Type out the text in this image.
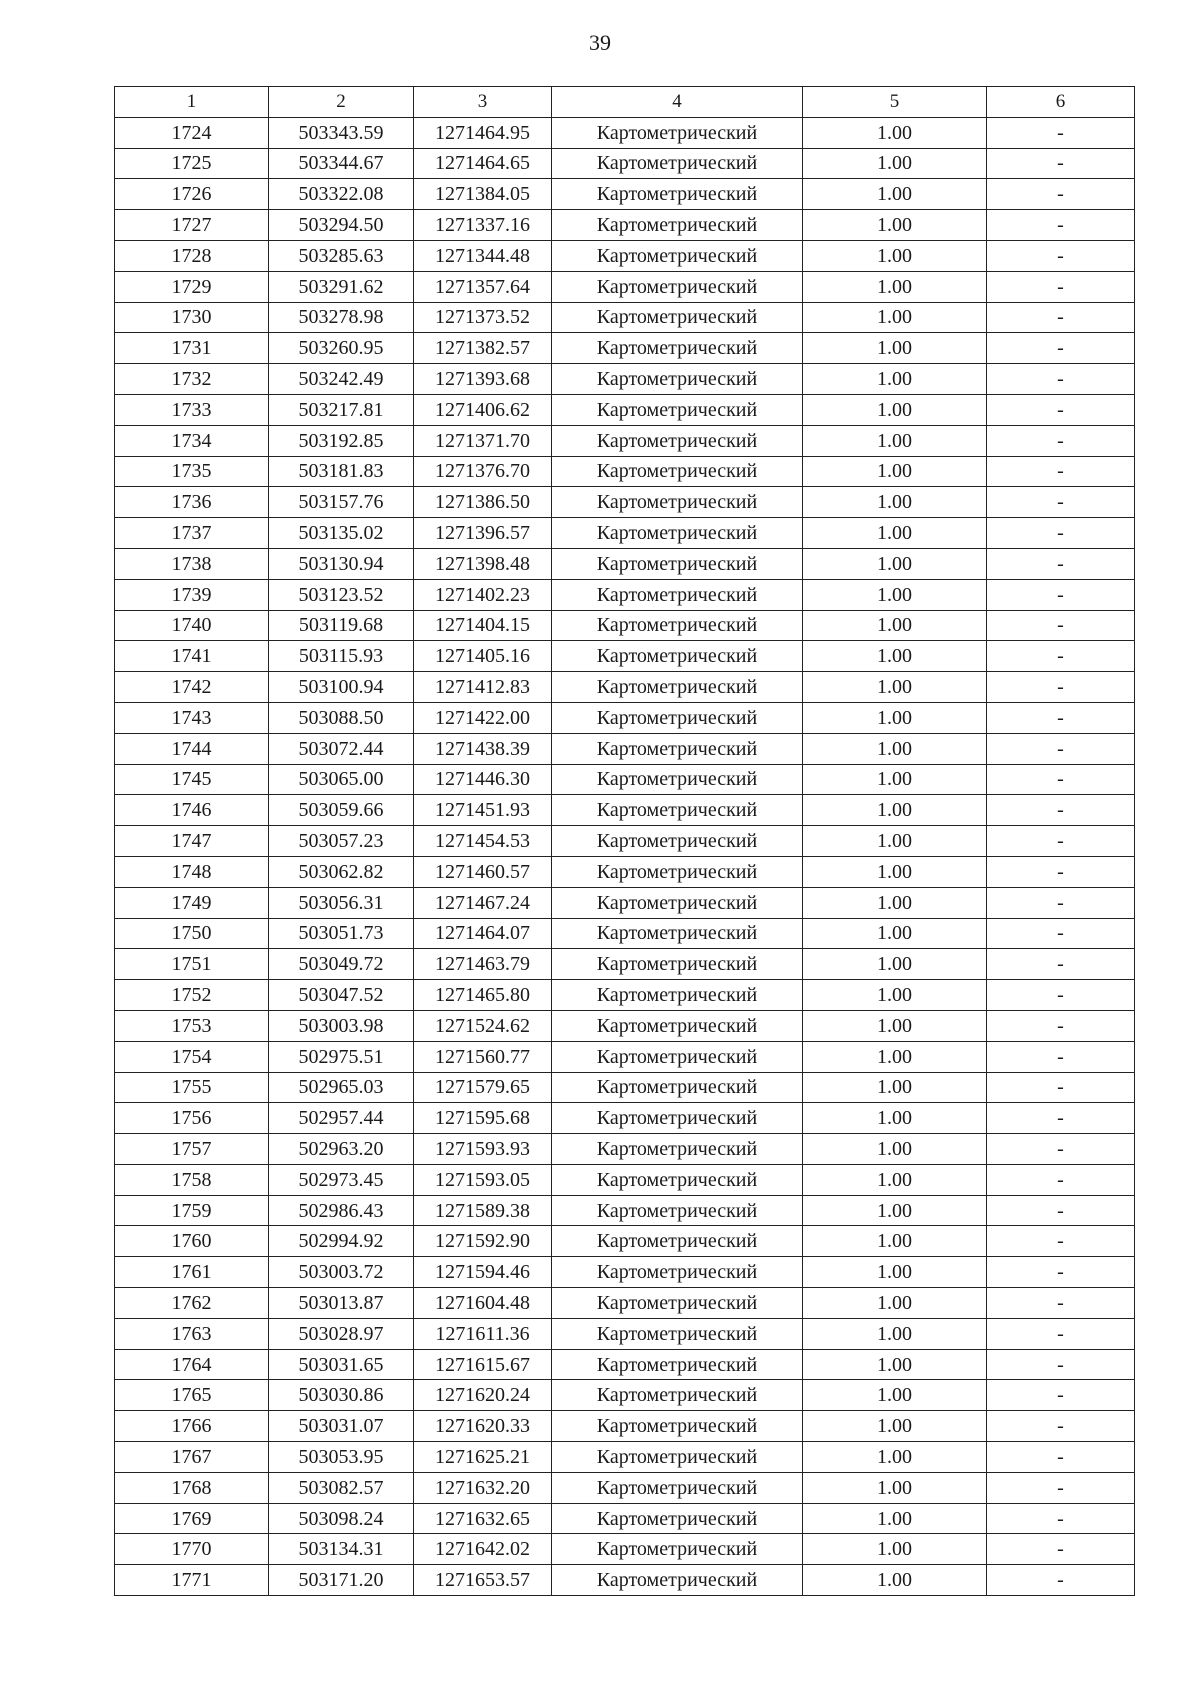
39
1	2	3	4	5	6
1724	503343.59	1271464.95	Картометрический	1.00	-
1725	503344.67	1271464.65	Картометрический	1.00	-
1726	503322.08	1271384.05	Картометрический	1.00	-
1727	503294.50	1271337.16	Картометрический	1.00	-
1728	503285.63	1271344.48	Картометрический	1.00	-
1729	503291.62	1271357.64	Картометрический	1.00	-
1730	503278.98	1271373.52	Картометрический	1.00	-
1731	503260.95	1271382.57	Картометрический	1.00	-
1732	503242.49	1271393.68	Картометрический	1.00	-
1733	503217.81	1271406.62	Картометрический	1.00	-
1734	503192.85	1271371.70	Картометрический	1.00	-
1735	503181.83	1271376.70	Картометрический	1.00	-
1736	503157.76	1271386.50	Картометрический	1.00	-
1737	503135.02	1271396.57	Картометрический	1.00	-
1738	503130.94	1271398.48	Картометрический	1.00	-
1739	503123.52	1271402.23	Картометрический	1.00	-
1740	503119.68	1271404.15	Картометрический	1.00	-
1741	503115.93	1271405.16	Картометрический	1.00	-
1742	503100.94	1271412.83	Картометрический	1.00	-
1743	503088.50	1271422.00	Картометрический	1.00	-
1744	503072.44	1271438.39	Картометрический	1.00	-
1745	503065.00	1271446.30	Картометрический	1.00	-
1746	503059.66	1271451.93	Картометрический	1.00	-
1747	503057.23	1271454.53	Картометрический	1.00	-
1748	503062.82	1271460.57	Картометрический	1.00	-
1749	503056.31	1271467.24	Картометрический	1.00	-
1750	503051.73	1271464.07	Картометрический	1.00	-
1751	503049.72	1271463.79	Картометрический	1.00	-
1752	503047.52	1271465.80	Картометрический	1.00	-
1753	503003.98	1271524.62	Картометрический	1.00	-
1754	502975.51	1271560.77	Картометрический	1.00	-
1755	502965.03	1271579.65	Картометрический	1.00	-
1756	502957.44	1271595.68	Картометрический	1.00	-
1757	502963.20	1271593.93	Картометрический	1.00	-
1758	502973.45	1271593.05	Картометрический	1.00	-
1759	502986.43	1271589.38	Картометрический	1.00	-
1760	502994.92	1271592.90	Картометрический	1.00	-
1761	503003.72	1271594.46	Картометрический	1.00	-
1762	503013.87	1271604.48	Картометрический	1.00	-
1763	503028.97	1271611.36	Картометрический	1.00	-
1764	503031.65	1271615.67	Картометрический	1.00	-
1765	503030.86	1271620.24	Картометрический	1.00	-
1766	503031.07	1271620.33	Картометрический	1.00	-
1767	503053.95	1271625.21	Картометрический	1.00	-
1768	503082.57	1271632.20	Картометрический	1.00	-
1769	503098.24	1271632.65	Картометрический	1.00	-
1770	503134.31	1271642.02	Картометрический	1.00	-
1771	503171.20	1271653.57	Картометрический	1.00	-
